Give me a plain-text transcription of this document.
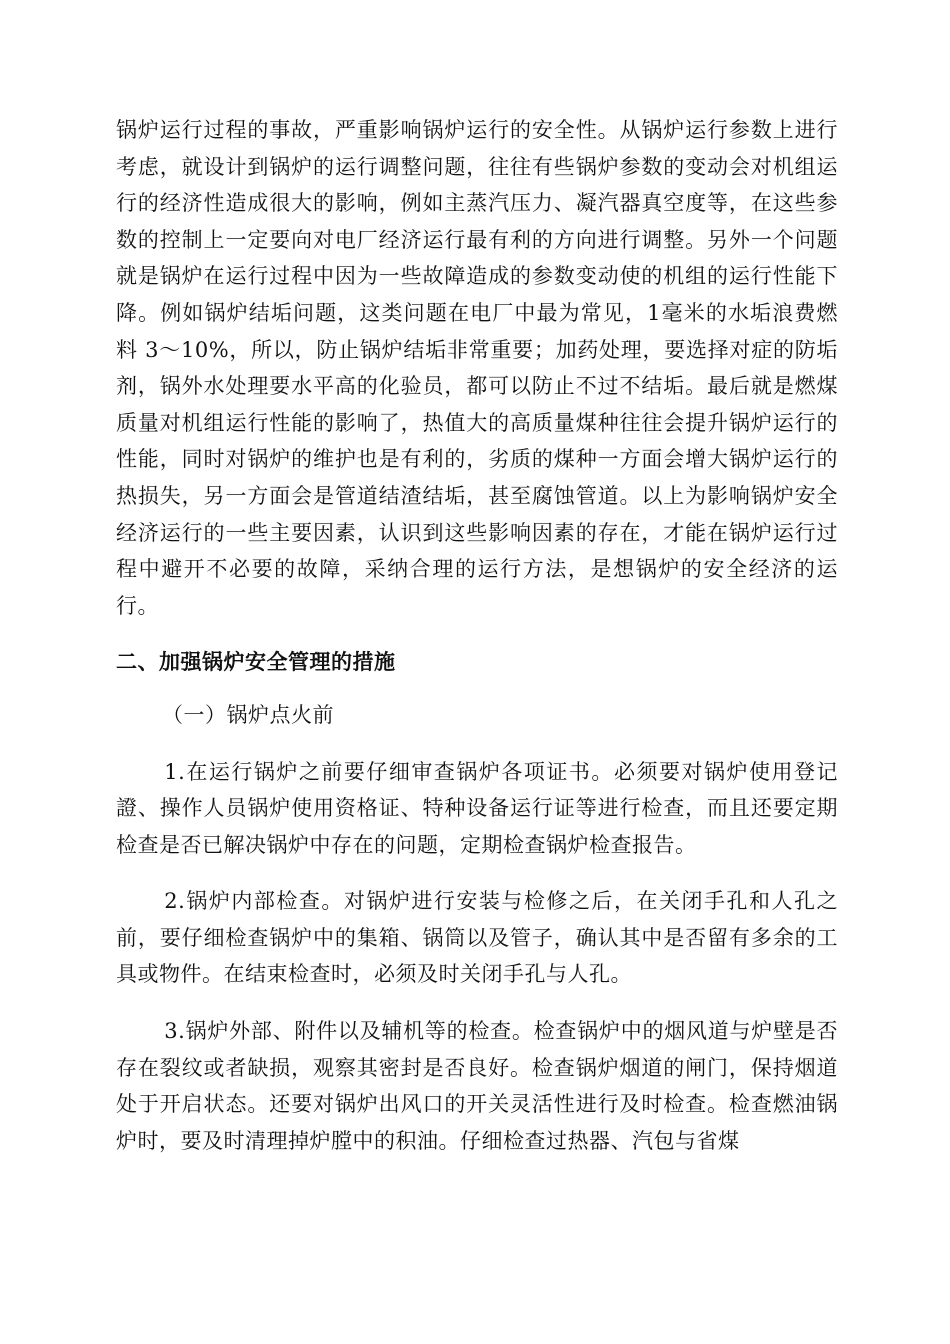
锅炉运行过程的事故，严重影响锅炉运行的安全性。从锅炉运行参数上进行考虑，就设计到锅炉的运行调整问题，往往有些锅炉参数的变动会对机组运行的经济性造成很大的影响，例如主蒸汽压力、凝汽器真空度等，在这些参数的控制上一定要向对电厂经济运行最有利的方向进行调整。另外一个问题就是锅炉在运行过程中因为一些故障造成的参数变动使的机组的运行性能下降。例如锅炉结垢问题，这类问题在电厂中最为常见，1毫米的水垢浪费燃料 3～10%，所以，防止锅炉结垢非常重要；加药处理，要选择对症的防垢剂，锅外水处理要水平高的化验员，都可以防止不过不结垢。最后就是燃煤质量对机组运行性能的影响了，热值大的高质量煤种往往会提升锅炉运行的性能，同时对锅炉的维护也是有利的，劣质的煤种一方面会增大锅炉运行的热损失，另一方面会是管道结渣结垢，甚至腐蚀管道。以上为影响锅炉安全经济运行的一些主要因素，认识到这些影响因素的存在，才能在锅炉运行过程中避开不必要的故障，采纳合理的运行方法，是想锅炉的安全经济的运行。

二、加强锅炉安全管理的措施

（一）锅炉点火前

1.在运行锅炉之前要仔细审查锅炉各项证书。必须要对锅炉使用登记證、操作人员锅炉使用资格证、特种设备运行证等进行检查，而且还要定期检查是否已解决锅炉中存在的问题，定期检查锅炉检查报告。

2.锅炉内部检查。对锅炉进行安装与检修之后，在关闭手孔和人孔之前，要仔细检查锅炉中的集箱、锅筒以及管子，确认其中是否留有多余的工具或物件。在结束检查时，必须及时关闭手孔与人孔。

3.锅炉外部、附件以及辅机等的检查。检查锅炉中的烟风道与炉壁是否存在裂纹或者缺损，观察其密封是否良好。检查锅炉烟道的闸门，保持烟道处于开启状态。还要对锅炉出风口的开关灵活性进行及时检查。检查燃油锅炉时，要及时清理掉炉膛中的积油。仔细检查过热器、汽包与省煤
